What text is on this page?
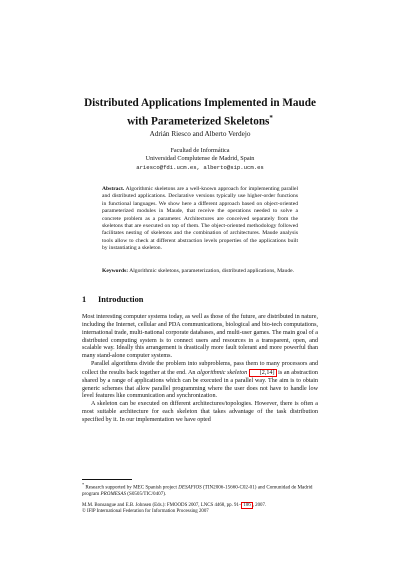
Distributed Applications Implemented in Maude
with Parameterized Skeletons*
Adrián Riesco and Alberto Verdejo
Facultad de Informática
Universidad Complutense de Madrid, Spain
ariesco@fdi.ucm.es, alberto@sip.ucm.es
Abstract. Algorithmic skeletons are a well-known approach for implementing parallel and distributed applications. Declarative versions typically use higher-order functions in functional languages. We show here a different approach based on object-oriented parameterized modules in Maude, that receive the operations needed to solve a concrete problem as a parameter. Architectures are conceived separately from the skeletons that are executed on top of them. The object-oriented methodology followed facilitates nesting of skeletons and the combination of architectures. Maude analysis tools allow to check at different abstraction levels properties of the applications built by instantiating a skeleton.
Keywords: Algorithmic skeletons, parameterization, distributed applications, Maude.
1 Introduction

Most interesting computer systems today, as well as those of the future, are distributed in nature, including the Internet, cellular and PDA communications, biological and bio-tech computations, international trade, multi-national corporate databases, and multi-user games. The main goal of a distributed computing system is to connect users and resources in a transparent, open, and scalable way. Ideally this arrangement is drastically more fault tolerant and more powerful than many stand-alone computer systems.

Parallel algorithms divide the problem into subproblems, pass them to many processors and collect the results back together at the end. An algorithmic skeleton [2,14] is an abstraction shared by a range of applications which can be executed in a parallel way. The aim is to obtain generic schemes that allow parallel programming where the user does not have to handle low level features like communication and synchronization.

A skeleton can be executed on different architectures/topologies. However, there is often a most suitable architecture for each skeleton that takes advantage of the task distribution specified by it. In our implementation we have opted

* Research supported by MEC Spanish project DESAFIOS (TIN2006-15660-C02-01) and Comunidad de Madrid program PROMESAS (S0505/TIC/0407).
M.M. Bonsangue and E.B. Johnsen (Eds.): FMOODS 2007, LNCS 4468, pp. 91– 106 , 2007.
© IFIP International Federation for Information Processing 2007
